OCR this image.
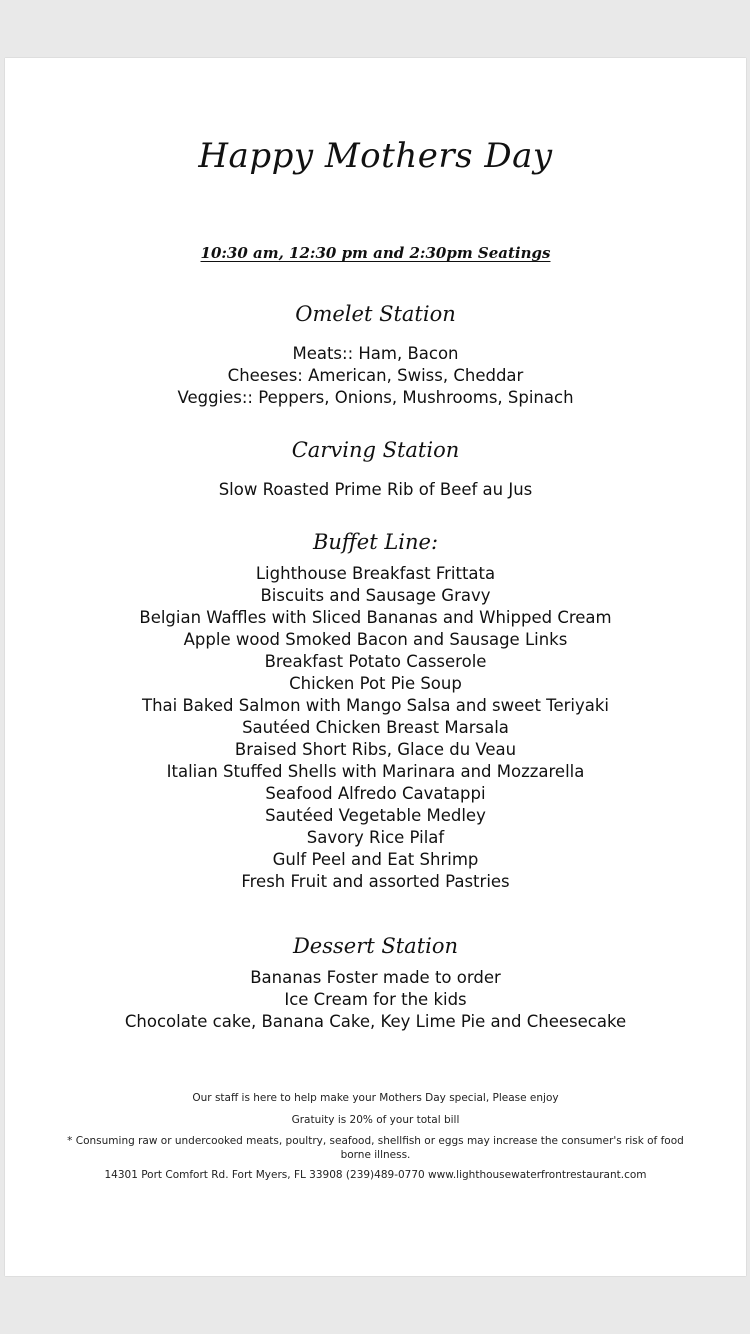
Happy Mothers Day
10:30 am, 12:30 pm and 2:30pm Seatings
Omelet Station
Meats:: Ham, Bacon
Cheeses: American, Swiss, Cheddar
Veggies:: Peppers, Onions, Mushrooms, Spinach
Carving Station
Slow Roasted Prime Rib of Beef au Jus
Buffet Line:
Lighthouse Breakfast Frittata
Biscuits and Sausage Gravy
Belgian Waffles with Sliced Bananas and Whipped Cream
Apple wood Smoked Bacon and Sausage Links
Breakfast Potato Casserole
Chicken Pot Pie Soup
Thai Baked Salmon with Mango Salsa and sweet Teriyaki
Sautéed Chicken Breast Marsala
Braised Short Ribs, Glace du Veau
Italian Stuffed Shells with Marinara and Mozzarella
Seafood Alfredo Cavatappi
Sautéed Vegetable Medley
Savory Rice Pilaf
Gulf Peel and Eat Shrimp
Fresh Fruit and assorted Pastries
Dessert Station
Bananas Foster made to order
Ice Cream for the kids
Chocolate cake, Banana Cake, Key Lime Pie and Cheesecake
Our staff is here to help make your Mothers Day special, Please enjoy
Gratuity is 20% of your total bill
* Consuming raw or undercooked meats, poultry, seafood, shellfish or eggs may increase the consumer's risk of food borne illness.
14301 Port Comfort Rd. Fort Myers, FL 33908 (239)489-0770 www.lighthousewaterfrontrestaurant.com
